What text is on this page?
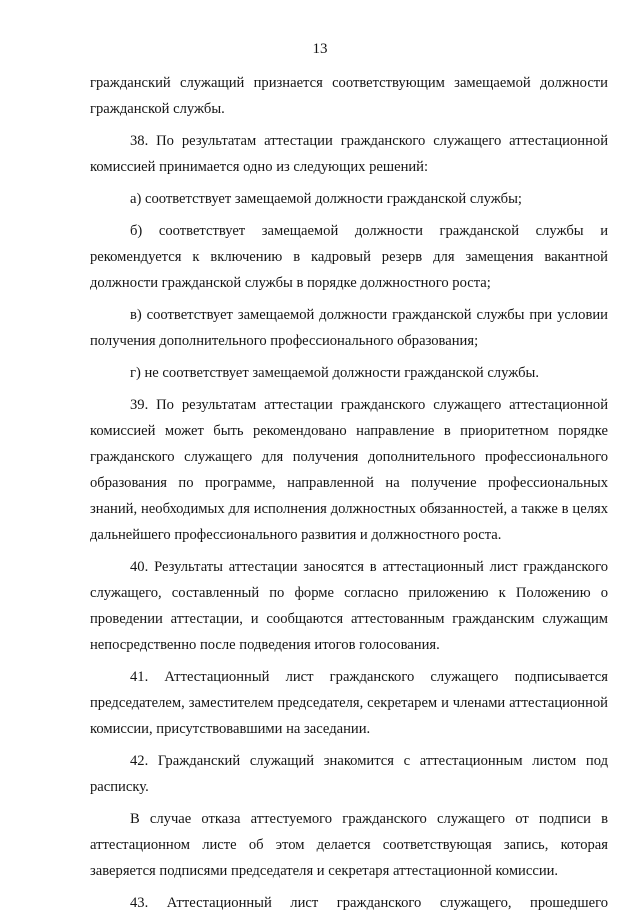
13

гражданский служащий признается соответствующим замещаемой должности гражданской службы.

38. По результатам аттестации гражданского служащего аттестационной комиссией принимается одно из следующих решений:

а) соответствует замещаемой должности гражданской службы;

б) соответствует замещаемой должности гражданской службы и рекомендуется к включению в кадровый резерв для замещения вакантной должности гражданской службы в порядке должностного роста;

в) соответствует замещаемой должности гражданской службы при условии получения дополнительного профессионального образования;

г) не соответствует замещаемой должности гражданской службы.

39. По результатам аттестации гражданского служащего аттестационной комиссией может быть рекомендовано направление в приоритетном порядке гражданского служащего для получения дополнительного профессионального образования по программе, направленной на получение профессиональных знаний, необходимых для исполнения должностных обязанностей, а также в целях дальнейшего профессионального развития и должностного роста.

40. Результаты аттестации заносятся в аттестационный лист гражданского служащего, составленный по форме согласно приложению к Положению о проведении аттестации, и сообщаются аттестованным гражданским служащим непосредственно после подведения итогов голосования.

41. Аттестационный лист гражданского служащего подписывается председателем, заместителем председателя, секретарем и членами аттестационной комиссии, присутствовавшими на заседании.

42. Гражданский служащий знакомится с аттестационным листом под расписку.

В случае отказа аттестуемого гражданского служащего от подписи в аттестационном листе об этом делается соответствующая запись, которая заверяется подписями председателя и секретаря аттестационной комиссии.

43. Аттестационный лист гражданского служащего, прошедшего
